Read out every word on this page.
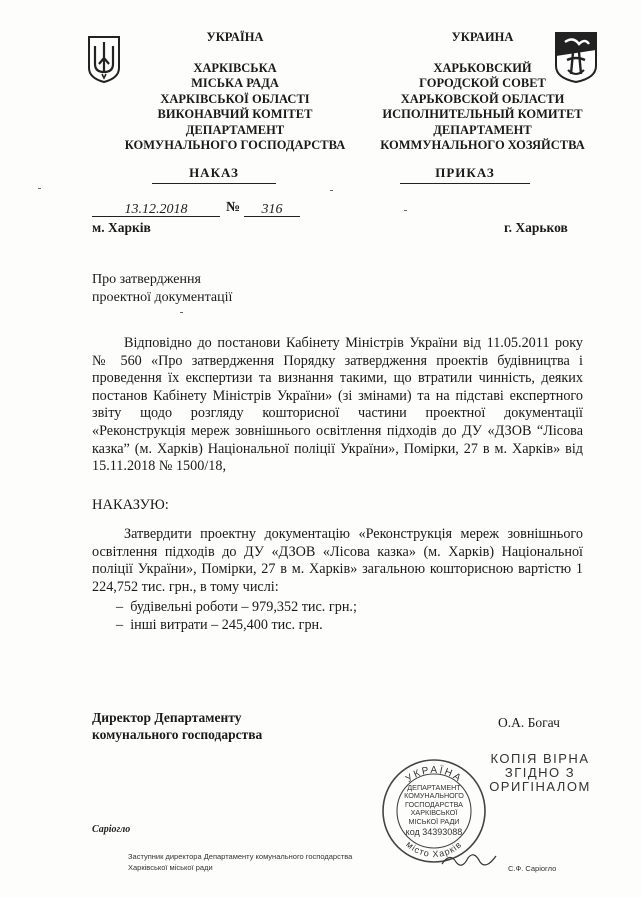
УКРАЇНА
ХАРКІВСЬКА
МІСЬКА РАДА
ХАРКІВСЬКОЇ ОБЛАСТІ
ВИКОНАВЧИЙ КОМІТЕТ
ДЕПАРТАМЕНТ
КОМУНАЛЬНОГО ГОСПОДАРСТВА
УКРАИНА
ХАРЬКОВСКИЙ
ГОРОДСКОЙ СОВЕТ
ХАРЬКОВСКОЙ ОБЛАСТИ
ИСПОЛНИТЕЛЬНЫЙ КОМИТЕТ
ДЕПАРТАМЕНТ
КОММУНАЛЬНОГО ХОЗЯЙСТВА
НАКАЗ	ПРИКАЗ
13.12.2018	№	316
м. Харків	г. Харьков
Про затвердження
проектної документації
Відповідно до постанови Кабінету Міністрів України від 11.05.2011 року № 560 «Про затвердження Порядку затвердження проектів будівництва і проведення їх експертизи та визнання такими, що втратили чинність, деяких постанов Кабінету Міністрів України» (зі змінами) та на підставі експертного звіту щодо розгляду кошторисної частини проектної документації «Реконструкція мереж зовнішнього освітлення підходів до ДУ «ДЗОВ “Лісова казка” (м. Харків) Національної поліції України», Помірки, 27 в м. Харків» від 15.11.2018 № 1500/18,
НАКАЗУЮ:
Затвердити проектну документацію «Реконструкція мереж зовнішнього освітлення підходів до ДУ «ДЗОВ «Лісова казка» (м. Харків) Національної поліції України», Помірки, 27 в м. Харків» загальною кошторисною вартістю 1 224,752 тис. грн., в тому числі:
–  будівельні роботи – 979,352 тис. грн.;
–  інші витрати – 245,400 тис. грн.
Директор Департаменту
комунального господарства
О.А. Богач
КОПІЯ ВІРНА
ЗГІДНО З
ОРИГІНАЛОМ
УКРАЇНА
місто Харків
ДЕПАРТАМЕНТ
КОМУНАЛЬНОГО
ГОСПОДАРСТВА
ХАРКІВСЬКОЇ
МІСЬКОЇ РАДИ
код 34393088
Саріогло
Заступник директора Департаменту комунального господарства
Харківської міської ради	С.Ф. Саріогло
